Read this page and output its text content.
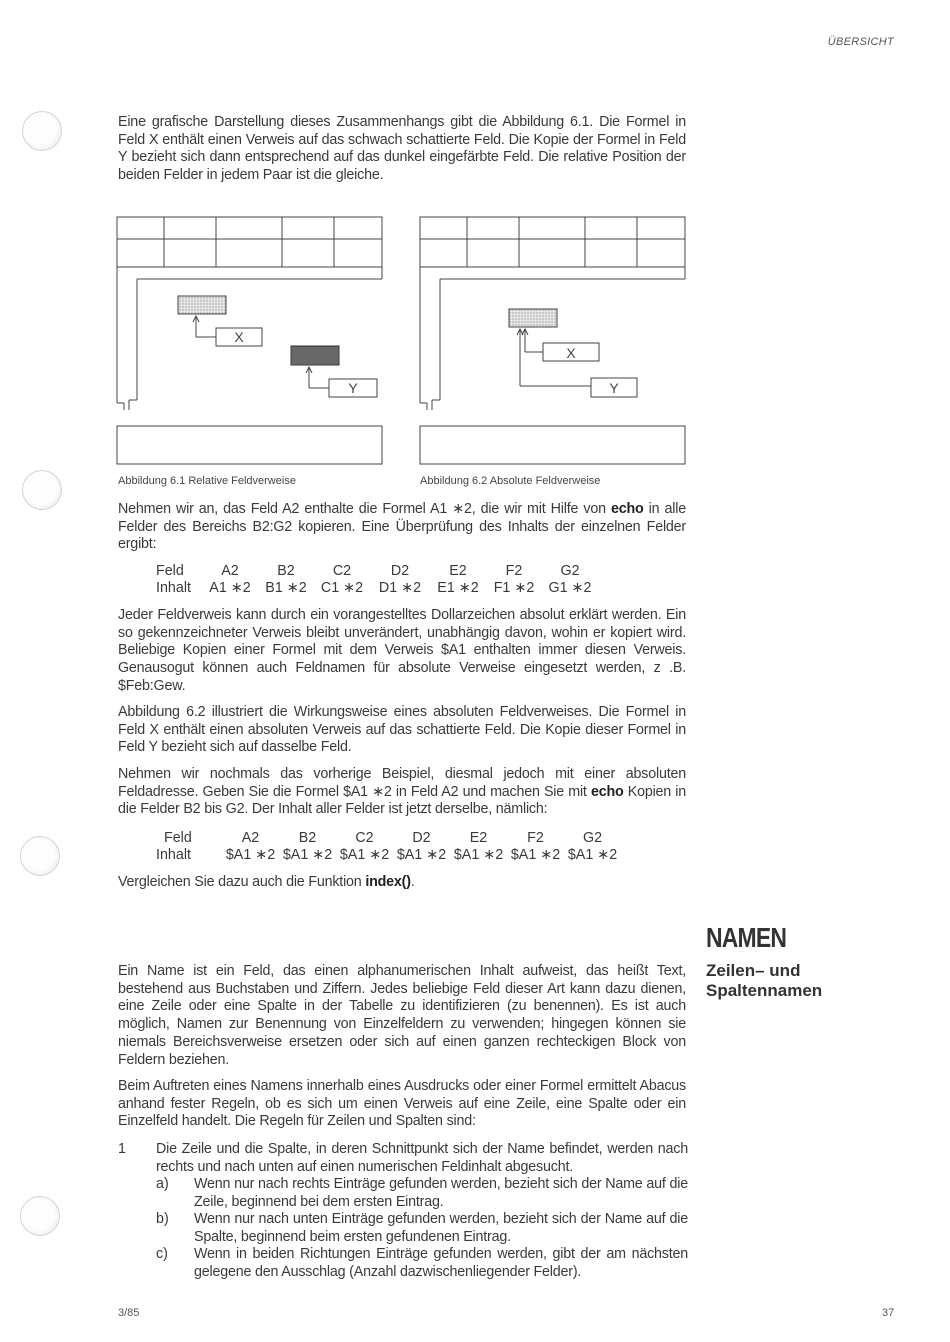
ÜBERSICHT
Eine grafische Darstellung dieses Zusammenhangs gibt die Abbildung 6.1. Die Formel in Feld X enthält einen Verweis auf das schwach schattierte Feld. Die Kopie der Formel in Feld Y bezieht sich dann entsprechend auf das dunkel eingefärbte Feld. Die relative Position der beiden Felder in jedem Paar ist die gleiche.
X
Y
X
Y
Abbildung 6.1 Relative Feldverweise	Abbildung 6.2 Absolute Feldverweise
Nehmen wir an, das Feld A2 enthalte die Formel A1 ∗2, die wir mit Hilfe von echo in alle Felder des Bereichs B2:G2 kopieren. Eine Überprüfung des Inhalts der einzelnen Felder ergibt:
Feld	A2	B2	C2	D2	E2	F2	G2
Inhalt	A1 ∗2	B1 ∗2	C1 ∗2	D1 ∗2	E1 ∗2	F1 ∗2	G1 ∗2
Jeder Feldverweis kann durch ein vorangestelltes Dollarzeichen absolut erklärt werden. Ein so gekennzeichneter Verweis bleibt unverändert, unabhängig davon, wohin er kopiert wird. Beliebige Kopien einer Formel mit dem Verweis $A1 enthalten immer diesen Verweis. Genausogut können auch Feldnamen für absolute Verweise eingesetzt werden, z .B. $Feb:Gew.
Abbildung 6.2 illustriert die Wirkungsweise eines absoluten Feldverweises. Die Formel in Feld X enthält einen absoluten Verweis auf das schattierte Feld. Die Kopie dieser Formel in Feld Y bezieht sich auf dasselbe Feld.
Nehmen wir nochmals das vorherige Beispiel, diesmal jedoch mit einer absoluten Feldadresse. Geben Sie die Formel $A1 ∗2 in Feld A2 und machen Sie mit echo Kopien in die Felder B2 bis G2. Der Inhalt aller Felder ist jetzt derselbe, nämlich:
Feld	A2	B2	C2	D2	E2	F2	G2
Inhalt	$A1 ∗2	$A1 ∗2	$A1 ∗2	$A1 ∗2	$A1 ∗2	$A1 ∗2	$A1 ∗2
Vergleichen Sie dazu auch die Funktion index().
NAMEN
Zeilen– und Spaltennamen
Ein Name ist ein Feld, das einen alphanumerischen Inhalt aufweist, das heißt Text, bestehend aus Buchstaben und Ziffern. Jedes beliebige Feld dieser Art kann dazu dienen, eine Zeile oder eine Spalte in der Tabelle zu identifizieren (zu benennen). Es ist auch möglich, Namen zur Benennung von Einzelfeldern zu verwenden; hingegen können sie niemals Bereichsverweise ersetzen oder sich auf einen ganzen rechteckigen Block von Feldern beziehen.
Beim Auftreten eines Namens innerhalb eines Ausdrucks oder einer Formel ermittelt Abacus anhand fester Regeln, ob es sich um einen Verweis auf eine Zeile, eine Spalte oder ein Einzelfeld handelt. Die Regeln für Zeilen und Spalten sind:
1 Die Zeile und die Spalte, in deren Schnittpunkt sich der Name befindet, werden nach rechts und nach unten auf einen numerischen Feldinhalt abgesucht.
a) Wenn nur nach rechts Einträge gefunden werden, bezieht sich der Name auf die Zeile, beginnend bei dem ersten Eintrag.
b) Wenn nur nach unten Einträge gefunden werden, bezieht sich der Name auf die Spalte, beginnend beim ersten gefundenen Eintrag.
c) Wenn in beiden Richtungen Einträge gefunden werden, gibt der am nächsten gelegene den Ausschlag (Anzahl dazwischenliegender Felder).
3/85	37
